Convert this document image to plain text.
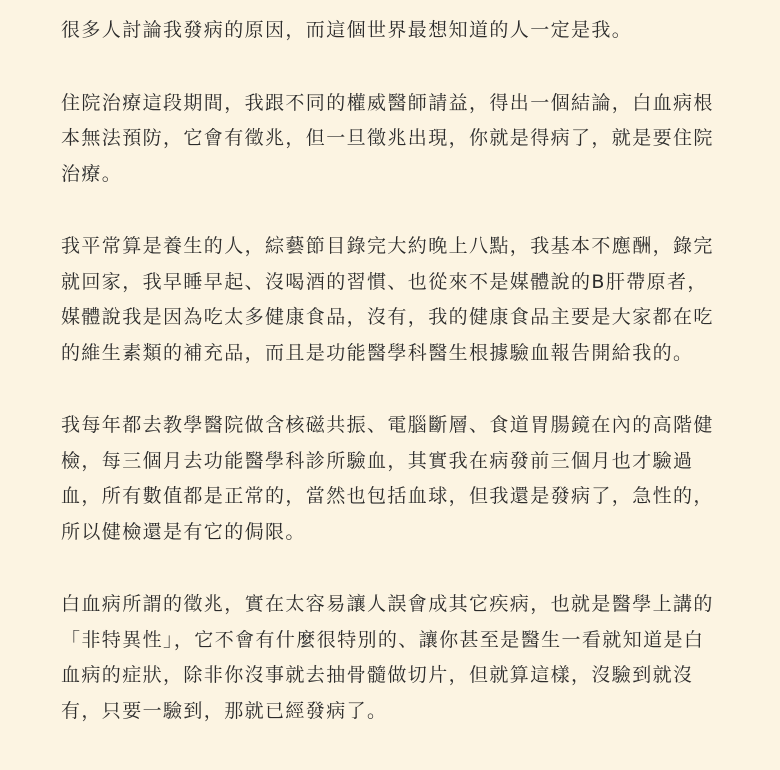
很多人討論我發病的原因，而這個世界最想知道的人一定是我。

住院治療這段期間，我跟不同的權威醫師請益，得出一個結論，白血病根本無法預防，它會有徵兆，但一旦徵兆出現，你就是得病了，就是要住院治療。

我平常算是養生的人，綜藝節目錄完大約晚上八點，我基本不應酬，錄完就回家，我早睡早起、沒喝酒的習慣、也從來不是媒體說的B肝帶原者，媒體說我是因為吃太多健康食品，沒有，我的健康食品主要是大家都在吃的維生素類的補充品，而且是功能醫學科醫生根據驗血報告開給我的。

我每年都去教學醫院做含核磁共振、電腦斷層、食道胃腸鏡在內的高階健檢，每三個月去功能醫學科診所驗血，其實我在病發前三個月也才驗過血，所有數值都是正常的，當然也包括血球，但我還是發病了，急性的，所以健檢還是有它的侷限。

白血病所謂的徵兆，實在太容易讓人誤會成其它疾病，也就是醫學上講的「非特異性」，它不會有什麼很特別的、讓你甚至是醫生一看就知道是白血病的症狀，除非你沒事就去抽骨髓做切片，但就算這樣，沒驗到就沒有，只要一驗到，那就已經發病了。
